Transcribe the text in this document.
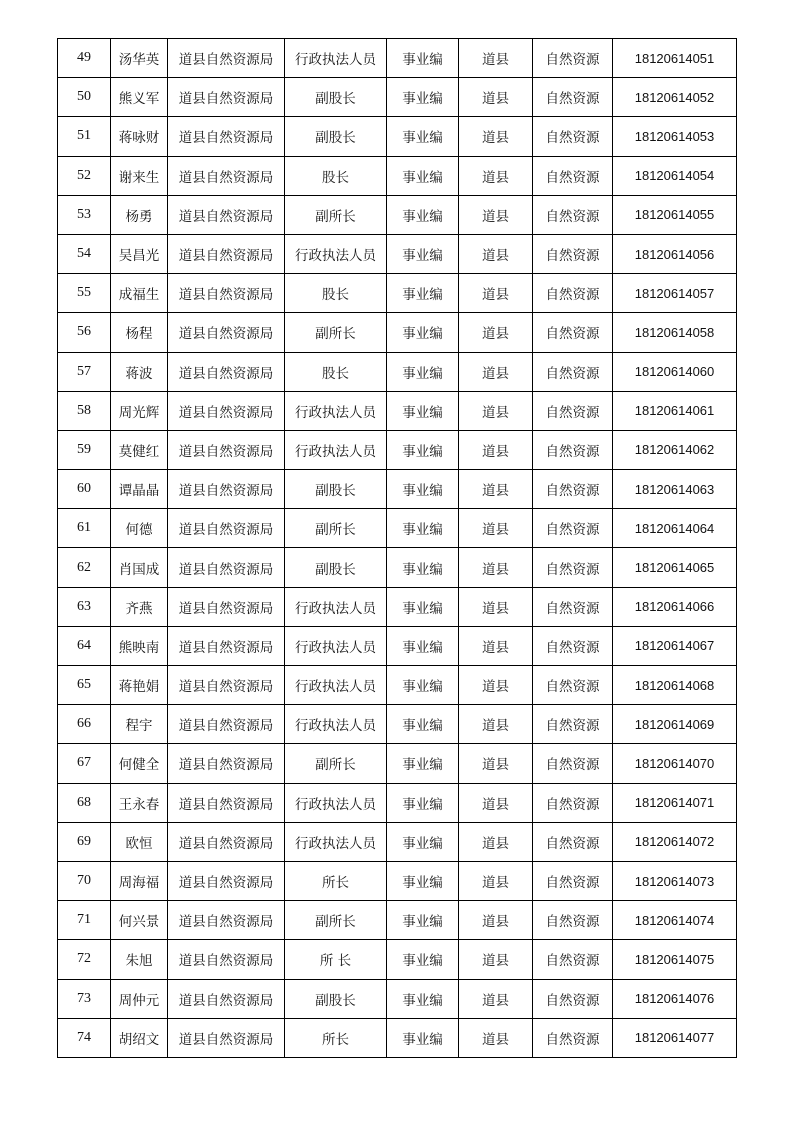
49	汤华英	道县自然资源局	行政执法人员	事业编	道县	自然资源	18120614051
50	熊义军	道县自然资源局	副股长	事业编	道县	自然资源	18120614052
51	蒋咏财	道县自然资源局	副股长	事业编	道县	自然资源	18120614053
52	谢来生	道县自然资源局	股长	事业编	道县	自然资源	18120614054
53	杨勇	道县自然资源局	副所长	事业编	道县	自然资源	18120614055
54	吴昌光	道县自然资源局	行政执法人员	事业编	道县	自然资源	18120614056
55	成福生	道县自然资源局	股长	事业编	道县	自然资源	18120614057
56	杨程	道县自然资源局	副所长	事业编	道县	自然资源	18120614058
57	蒋波	道县自然资源局	股长	事业编	道县	自然资源	18120614060
58	周光辉	道县自然资源局	行政执法人员	事业编	道县	自然资源	18120614061
59	莫健红	道县自然资源局	行政执法人员	事业编	道县	自然资源	18120614062
60	谭晶晶	道县自然资源局	副股长	事业编	道县	自然资源	18120614063
61	何德	道县自然资源局	副所长	事业编	道县	自然资源	18120614064
62	肖国成	道县自然资源局	副股长	事业编	道县	自然资源	18120614065
63	齐燕	道县自然资源局	行政执法人员	事业编	道县	自然资源	18120614066
64	熊映南	道县自然资源局	行政执法人员	事业编	道县	自然资源	18120614067
65	蒋艳娟	道县自然资源局	行政执法人员	事业编	道县	自然资源	18120614068
66	程宇	道县自然资源局	行政执法人员	事业编	道县	自然资源	18120614069
67	何健全	道县自然资源局	副所长	事业编	道县	自然资源	18120614070
68	王永春	道县自然资源局	行政执法人员	事业编	道县	自然资源	18120614071
69	欧恒	道县自然资源局	行政执法人员	事业编	道县	自然资源	18120614072
70	周海福	道县自然资源局	所长	事业编	道县	自然资源	18120614073
71	何兴景	道县自然资源局	副所长	事业编	道县	自然资源	18120614074
72	朱旭	道县自然资源局	所 长	事业编	道县	自然资源	18120614075
73	周仲元	道县自然资源局	副股长	事业编	道县	自然资源	18120614076
74	胡绍文	道县自然资源局	所长	事业编	道县	自然资源	18120614077
